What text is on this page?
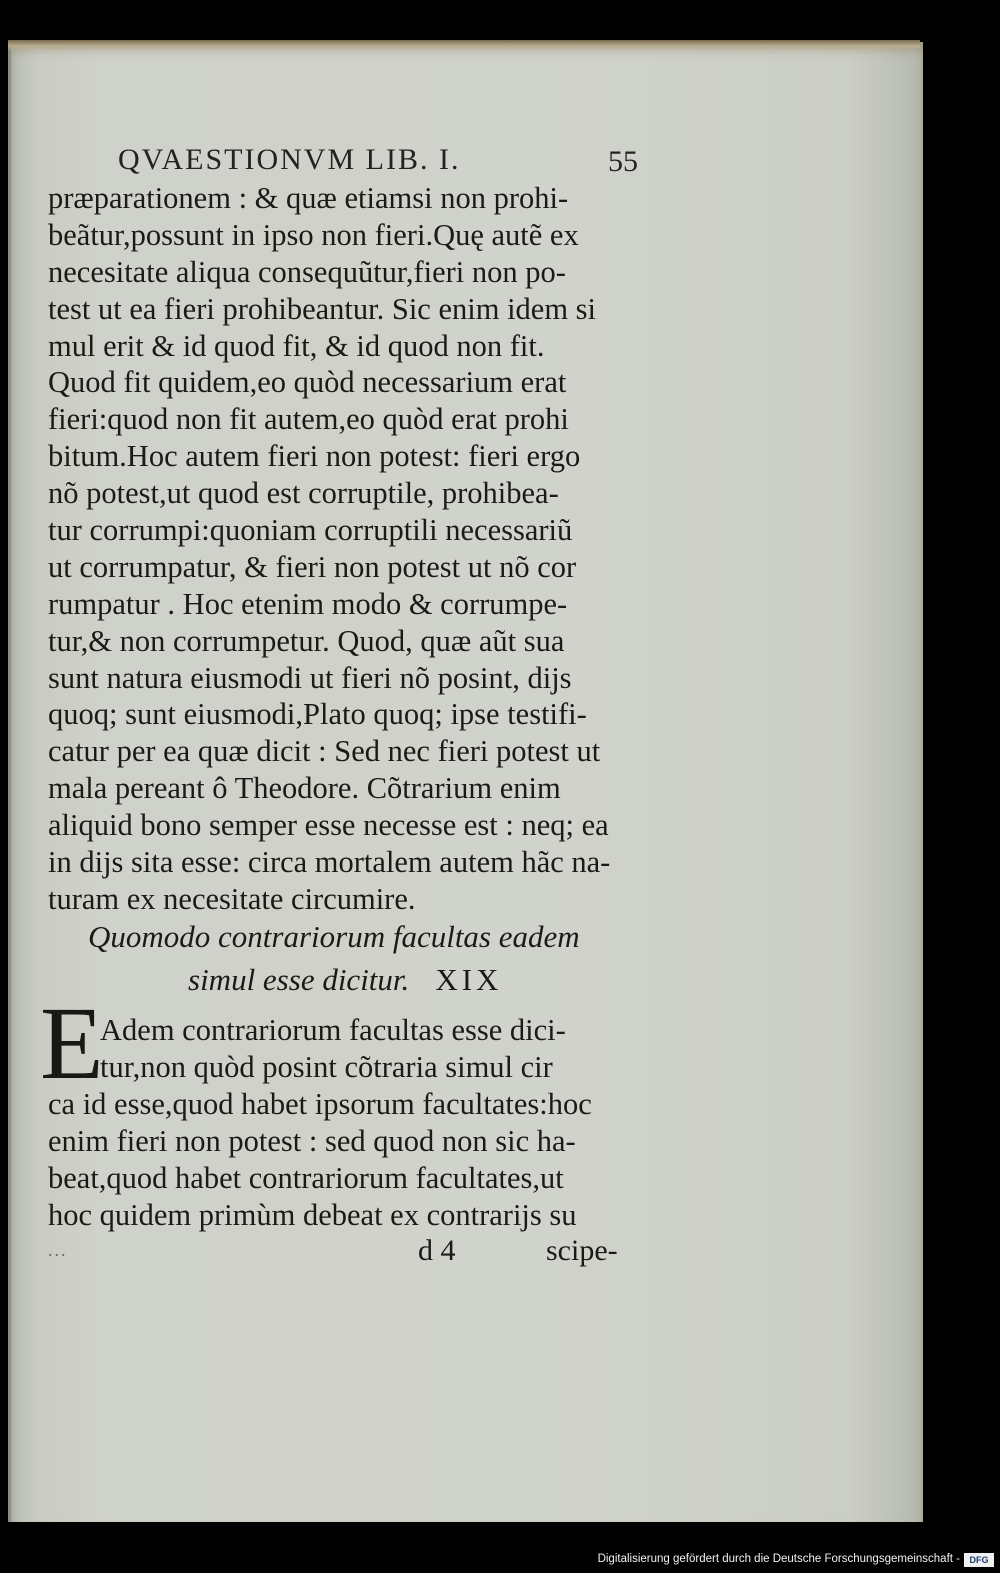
QVAESTIONVM LIB. I.	55
præparationem : & quæ etiamsi non prohi-
beãtur,possunt in ipso non fieri.Quę autẽ ex
necesitate aliqua consequũtur,fieri non po-
test ut ea fieri prohibeantur. Sic enim idem si
mul erit & id quod fit, & id quod non fit.
Quod fit quidem,eo quòd necessarium erat
fieri:quod non fit autem,eo quòd erat prohi
bitum.Hoc autem fieri non potest: fieri ergo
nõ potest,ut quod est corruptile, prohibea-
tur corrumpi:quoniam corruptili necessariũ
ut corrumpatur, & fieri non potest ut nõ cor
rumpatur . Hoc etenim modo & corrumpe-
tur,& non corrumpetur. Quod, quæ aũt sua
sunt natura eiusmodi ut fieri nõ posint, dijs
quoq; sunt eiusmodi,Plato quoq; ipse testifi-
catur per ea quæ dicit : Sed nec fieri potest ut
mala pereant ô Theodore. Cõtrarium enim
aliquid bono semper esse necesse est : neq; ea
in dijs sita esse: circa mortalem autem hãc na-
turam ex necesitate circumire.
Quomodo contrariorum facultas eadem
simul esse dicitur. XIX
E
Adem contrariorum facultas esse dici-
tur,non quòd posint cõtraria simul cir
ca id esse,quod habet ipsorum facultates:hoc
enim fieri non potest : sed quod non sic ha-
beat,quod habet contrariorum facultates,ut
hoc quidem primùm debeat ex contrarijs su
...	d 4	scipe-
Digitalisierung gefördert durch die Deutsche Forschungsgemeinschaft -	DFG
